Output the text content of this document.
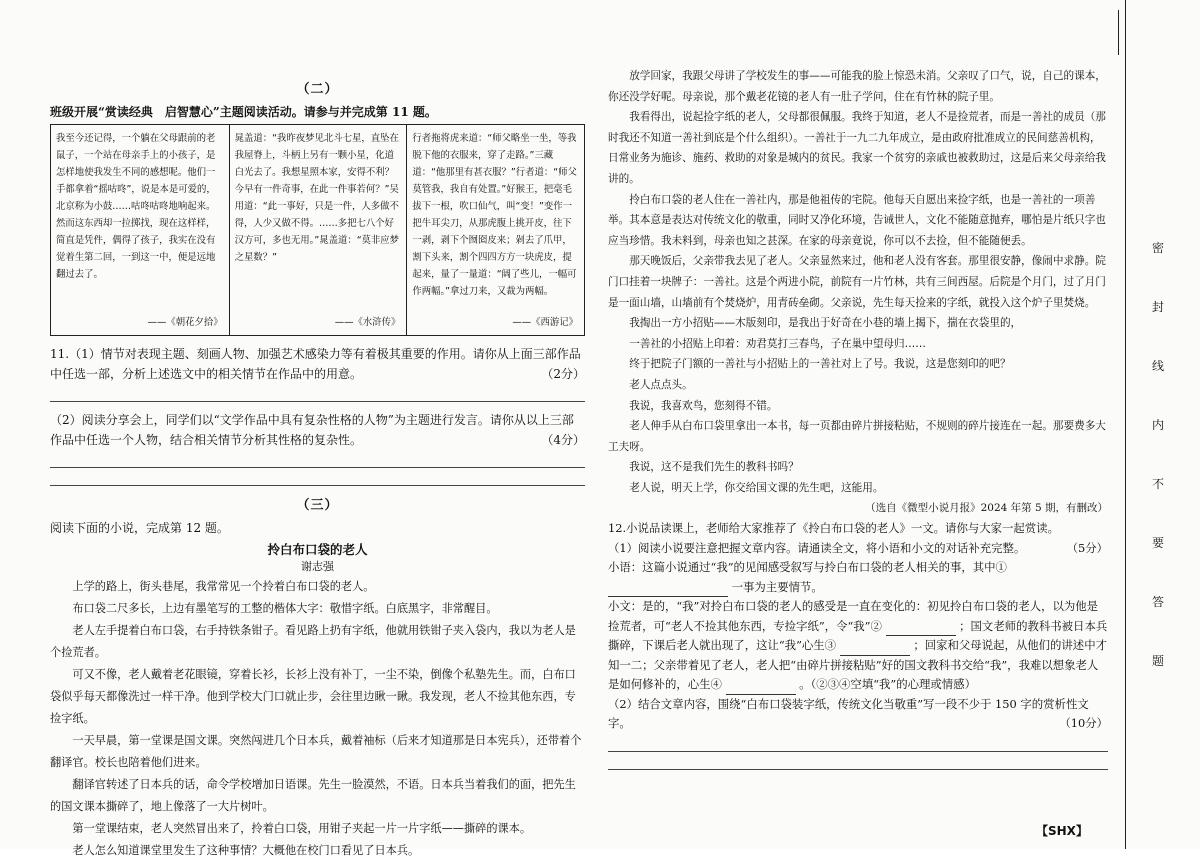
密
封
线
内
不
要
答
题
（二）
班级开展“赏读经典　启智慧心”主题阅读活动。请参与并完成第 11 题。
我至今还记得，一个躺在父母跟前的老鼠子，一个站在母亲手上的小孩子，是怎样地使我发生不同的感想呢。他们一手都拿着“摇咕咚”，说是本是可爱的，北京称为小鼓……咕咚咕咚地响起来。然而这东西却一拉掷找，现在这样样，简直是凭件，偶得了孩子，我实在没有觉着生第二回，一到这一中，便是远地翻过去了。
——《朝花夕拾》
晁盖道：“我昨夜梦见北斗七星，直坠在我屋脊上，斗柄上另有一颗小星，化道白光去了。我想星照本家，安得不利？今早有一件奇事，在此一件事若何？”吴用道：“此一事好，只是一件，人多做不得，人少又做不得。……多把七八个好汉方可，多也无用。”晁盖道：“莫非应梦之星数？”
——《水浒传》
行者拖将虎来道：“师父略坐一坐，等我脱下他的衣服来，穿了走路。”三藏道：“他那里有甚衣服？”行者道：“师父莫管我，我自有处置。”好猴王，把毫毛拔下一根，吹口仙气，叫“变！”变作一把牛耳尖刀，从那虎腹上挑开皮，往下一剥，剥下个囫囵皮来；剁去了爪甲，割下头来，割个四四方方一块虎皮，提起来，量了一量道：“阔了些儿，一幅可作两幅。”拿过刀来，又裁为两幅。
——《西游记》
11.（1）情节对表现主题、刻画人物、加强艺术感染力等有着极其重要的作用。请你从上面三部作品中任选一部，分析上述选文中的相关情节在作品中的用意。	（2分）
（2）阅读分享会上，同学们以“文学作品中具有复杂性格的人物”为主题进行发言。请你从以上三部作品中任选一个人物，结合相关情节分析其性格的复杂性。	（4分）
（三）
阅读下面的小说，完成第 12 题。
拎白布口袋的老人
谢志强

上学的路上，街头巷尾，我常常见一个拎着白布口袋的老人。

布口袋二尺多长，上边有墨笔写的工整的楷体大字：敬惜字纸。白底黑字，非常醒目。

老人左手提着白布口袋，右手持铁条钳子。看见路上扔有字纸，他就用铁钳子夹入袋内，我以为老人是个捡荒者。

可又不像，老人戴着老花眼镜，穿着长衫，长衫上没有补丁，一尘不染，倒像个私塾先生。而，白布口袋似乎每天都像洗过一样干净。他到学校大门口就止步，会往里边瞅一瞅。我发现，老人不捡其他东西，专捡字纸。

一天早晨，第一堂课是国文课。突然闯进几个日本兵，戴着袖标（后来才知道那是日本宪兵），还带着个翻译官。校长也陪着他们进来。

翻译官转述了日本兵的话，命令学校增加日语课。先生一脸漠然，不语。日本兵当着我们的面，把先生的国文课本撕碎了，地上像落了一大片树叶。

第一堂课结束，老人突然冒出来了，拎着白口袋，用钳子夹起一片一片字纸——撕碎的课本。

老人怎么知道课堂里发生了这种事情？大概他在校门口看见了日本兵。

放学回家，我跟父母讲了学校发生的事——可能我的脸上惊恐未消。父亲叹了口气，说，自己的课本，你还没学好呢。母亲说，那个戴老花镜的老人有一肚子学问，住在有竹林的院子里。

我看得出，说起捡字纸的老人，父母都很佩服。我终于知道，老人不是捡荒者，而是一善社的成员（那时我还不知道一善社到底是个什么组织）。一善社于一九二九年成立，是由政府批准成立的民间慈善机构，日常业务为施诊、施药、救助的对象是城内的贫民。我家一个贫穷的亲戚也被救助过，这是后来父母亲给我讲的。

拎白布口袋的老人住在一善社内，那是他祖传的宅院。他每天自愿出来捡字纸，也是一善社的一项善举。其本意是表达对传统文化的敬重，同时又净化环境，告诫世人，文化不能随意抛弃，哪怕是片纸只字也应当珍惜。我未料到，母亲也知之甚深。在家的母亲竟说，你可以不去捡，但不能随便丢。

那天晚饭后，父亲带我去见了老人。父亲显然来过，他和老人没有客套。那里很安静，像闹中求静。院门口挂着一块牌子：一善社。这是个两进小院，前院有一片竹林，共有三间西屋。后院是个月门，过了月门是一面山墙，山墙前有个焚烧炉，用青砖垒砌。父亲说，先生每天捡来的字纸，就投入这个炉子里焚烧。

我掏出一方小招贴——木版刻印，是我出于好奇在小巷的墙上揭下，揣在衣袋里的，

一善社的小招贴上印着：劝君莫打三春鸟，子在巢中望母归……

终于把院子门额的一善社与小招贴上的一善社对上了号。我说，这是您刻印的吧？

老人点点头。

我说，我喜欢鸟，您刻得不错。

老人伸手从白布口袋里拿出一本书，每一页都由碎片拼接粘贴，不规则的碎片接连在一起。那要费多大工夫呀。

我说，这不是我们先生的教科书吗？

老人说，明天上学，你交给国文课的先生吧，这能用。

（选自《微型小说月报》2024 年第 5 期，有删改）
12.小说品读课上，老师给大家推荐了《拎白布口袋的老人》一文。请你与大家一起赏读。
（1）阅读小说要注意把握文章内容。请通读全文，将小语和小文的对话补充完整。	（5分）
小语：这篇小说通过“我”的见闻感受叙写与拎白布口袋的老人相关的事，其中①  一事为主要情节。
小文：是的，“我”对拎白布口袋的老人的感受是一直在变化的：初见拎白布口袋的老人，以为他是捡荒者，可“老人不捡其他东西，专捡字纸”，令“我”②	；国文老师的教科书被日本兵撕碎，下课后老人就出现了，这让“我”心生③	；回家和父母说起，从他们的讲述中才知一二；父亲带着见了老人，老人把“由碎片拼接粘贴”好的国文教科书交给“我”，我难以想象老人是如何修补的，心生④	。（②③④空填“我”的心理或情感）
（2）结合文章内容，围绕“白布口袋装字纸，传统文化当敬重”写一段不少于 150 字的赏析性文字。	（10分）
【SHX】
